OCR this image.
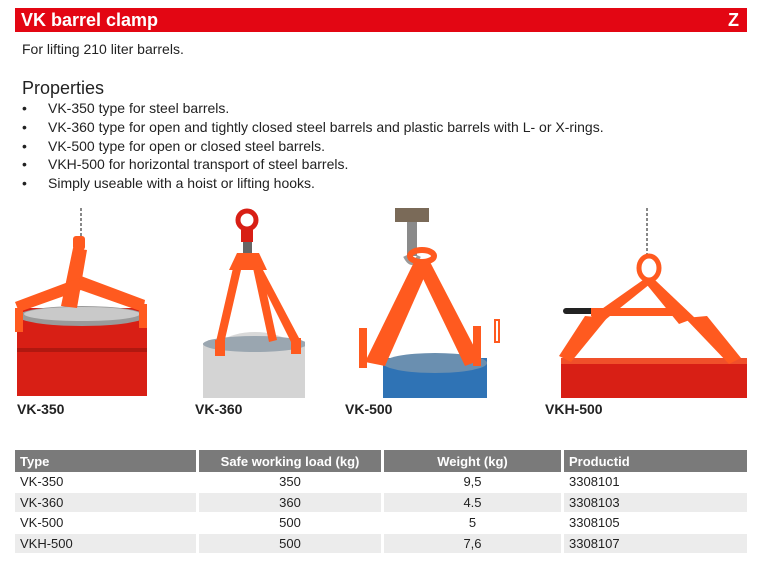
VK barrel clamp	Z

For lifting 210 liter barrels.

Properties
•	VK-350 type for steel barrels.
•	VK-360 type for open and tightly closed steel barrels and plastic barrels with L- or X-rings.
•	VK-500 type for open or closed steel barrels.
•	VKH-500 for horizontal transport of steel barrels.
•	Simply useable with a hoist or lifting hooks.
VK-350	VK-360	VK-500	VKH-500
Type	Safe working load (kg)	Weight (kg)	Productid
VK-350	350	9,5	3308101
VK-360	360	4.5	3308103
VK-500	500	5	3308105
VKH-500	500	7,6	3308107
